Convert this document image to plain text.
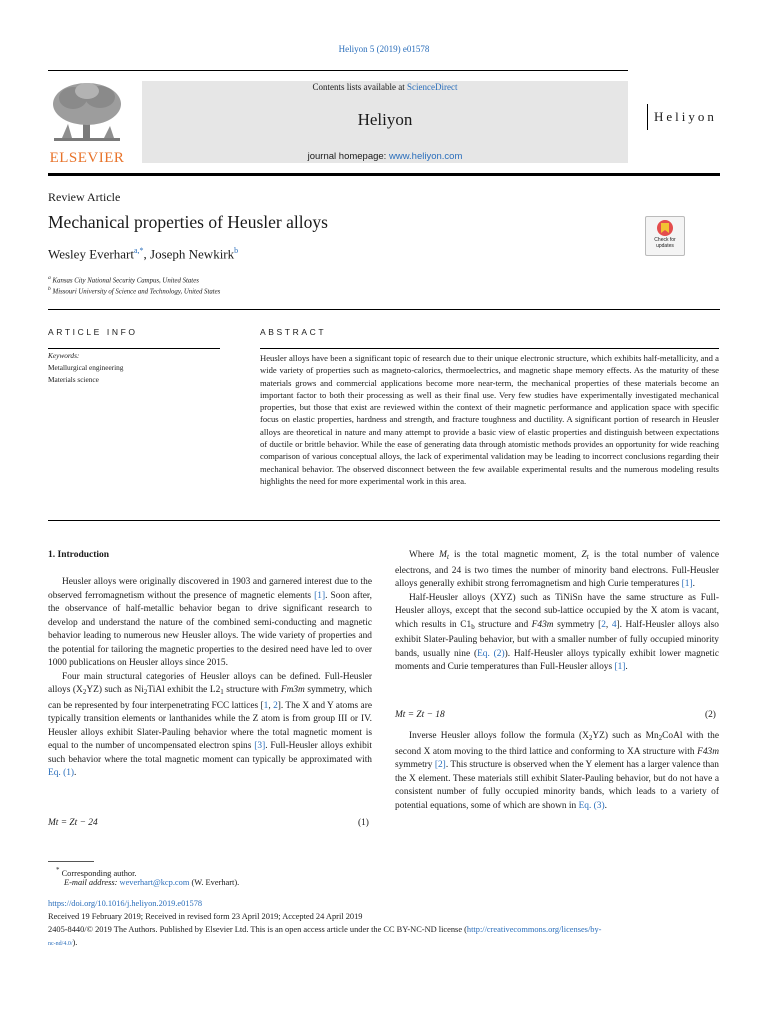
Heliyon 5 (2019) e01578
ELSEVIER
Contents lists available at ScienceDirect
Heliyon
journal homepage: www.heliyon.com
Heliyon
Review Article
Mechanical properties of Heusler alloys
Wesley Everhart$^{a,*}$, Joseph Newkirk$^b$
$^a$ Kansas City National Security Campus, United States
$^b$ Missouri University of Science and Technology, United States
Check for updates
ARTICLE INFO
Keywords:
Metallurgical engineering
Materials science
ABSTRACT
Heusler alloys have been a significant topic of research due to their unique electronic structure, which exhibits half-metallicity, and a wide variety of properties such as magneto-calorics, thermoelectrics, and magnetic shape memory effects. As the maturity of these materials grows and commercial applications become more near-term, the mechanical properties of these materials become an important factor to both their processing as well as their final use. Very few studies have experimentally investigated mechanical properties, but those that exist are reviewed within the context of their magnetic performance and application space with specific focus on elastic properties, hardness and strength, and fracture toughness and ductility. A significant portion of research in Heusler alloys are theoretical in nature and many attempt to provide a basic view of elastic properties and distinguish between expectations of ductile or brittle behavior. While the ease of generating data through atomistic methods provides an opportunity for wide reaching comparison of various conceptual alloys, the lack of experimental validation may be leading to incorrect conclusions regarding their mechanical behavior. The observed disconnect between the few available experimental results and the numerous modeling results highlights the need for more experimental work in this area.
1. Introduction

Heusler alloys were originally discovered in 1903 and garnered interest due to the observed ferromagnetism without the presence of magnetic elements [1]. Soon after, the observance of half-metallic behavior began to drive significant research to develop and understand the nature of the combined semi-conducting and magnetic behavior leading to numerous new Heusler alloys. The wide variety of properties and the potential for tailoring the magnetic properties to the desired need have led to over 1000 publications on Heusler alloys since 2015.

Four main structural categories of Heusler alloys can be defined. Full-Heusler alloys $(X_2YZ)$ such as $Ni_2TiAl$ exhibit the $L2_1$ structure with Fm3m symmetry, which can be represented by four interpenetrating FCC lattices [1, 2]. The X and Y atoms are typically transition elements or lanthanides while the Z atom is from group III or IV. Heusler alloys exhibit Slater-Pauling behavior where the total magnetic moment is equal to the number of uncompensated electron spins [3]. Full-Heusler alloys exhibit such behavior where the total magnetic moment can typically be approximated with Eq. (1).

Mt = Zt − 24	(1)

Where $M_t$ is the total magnetic moment, $Z_t$ is the total number of valence electrons, and 24 is two times the number of minority band electrons. Full-Heusler alloys generally exhibit strong ferromagnetism and high Curie temperatures [1].

Half-Heusler alloys (XYZ) such as TiNiSn have the same structure as Full-Heusler alloys, except that the second sub-lattice occupied by the X atom is vacant, which results in $C1_b$ structure and F43m symmetry [2, 4]. Half-Heusler alloys also exhibit Slater-Pauling behavior, but with a smaller number of fully occupied minority bands, usually nine (Eq. (2)). Half-Heusler alloys typically exhibit lower magnetic moments and Curie temperatures than Full-Heusler alloys [1].

Mt = Zt − 18	(2)

Inverse Heusler alloys follow the formula $(X_2YZ)$ such as $Mn_2CoAl$ with the second X atom moving to the third lattice and conforming to XA structure with F43m symmetry [2]. This structure is observed when the Y element has a larger valence than the X element. These materials still exhibit Slater-Pauling behavior, but do not have a consistent number of fully occupied minority bands, which leads to a variety of potential equations, some of which are shown in Eq. (3).

* Corresponding author.
E-mail address: weverhart@kcp.com (W. Everhart).
https://doi.org/10.1016/j.heliyon.2019.e01578
Received 19 February 2019; Received in revised form 23 April 2019; Accepted 24 April 2019
2405-8440/© 2019 The Authors. Published by Elsevier Ltd. This is an open access article under the CC BY-NC-ND license (http://creativecommons.org/licenses/by-
nc-nd/4.0/).
